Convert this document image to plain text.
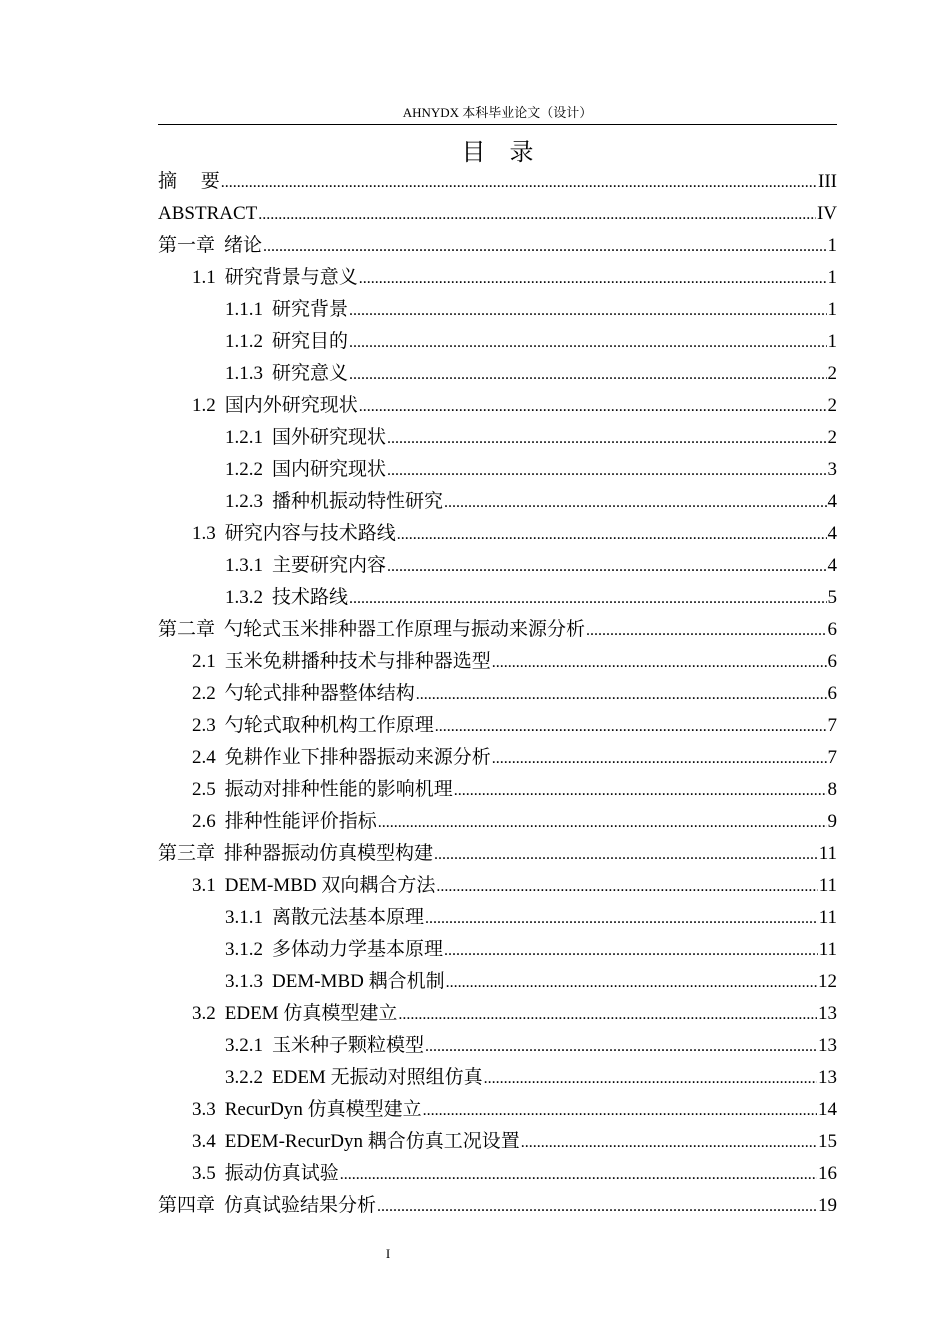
AHNYDX 本科毕业论文（设计）
目　录
摘　 要 .....	III
ABSTRACT .....	IV
第一章 绪论 .....	1
1.1 研究背景与意义 .....	1
1.1.1 研究背景 .....	1
1.1.2 研究目的 .....	1
1.1.3 研究意义 .....	2
1.2 国内外研究现状 .....	2
1.2.1 国外研究现状 .....	2
1.2.2 国内研究现状 .....	3
1.2.3 播种机振动特性研究 .....	4
1.3 研究内容与技术路线 .....	4
1.3.1 主要研究内容 .....	4
1.3.2 技术路线 .....	5
第二章 勺轮式玉米排种器工作原理与振动来源分析 .....	6
2.1 玉米免耕播种技术与排种器选型 .....	6
2.2 勺轮式排种器整体结构 .....	6
2.3 勺轮式取种机构工作原理 .....	7
2.4 免耕作业下排种器振动来源分析 .....	7
2.5 振动对排种性能的影响机理 .....	8
2.6 排种性能评价指标 .....	9
第三章 排种器振动仿真模型构建 .....	11
3.1 DEM-MBD 双向耦合方法 .....	11
3.1.1 离散元法基本原理 .....	11
3.1.2 多体动力学基本原理 .....	11
3.1.3 DEM-MBD 耦合机制 .....	12
3.2 EDEM 仿真模型建立 .....	13
3.2.1 玉米种子颗粒模型 .....	13
3.2.2 EDEM 无振动对照组仿真 .....	13
3.3 RecurDyn 仿真模型建立 .....	14
3.4 EDEM-RecurDyn 耦合仿真工况设置 .....	15
3.5 振动仿真试验 .....	16
第四章 仿真试验结果分析 .....	19
I
